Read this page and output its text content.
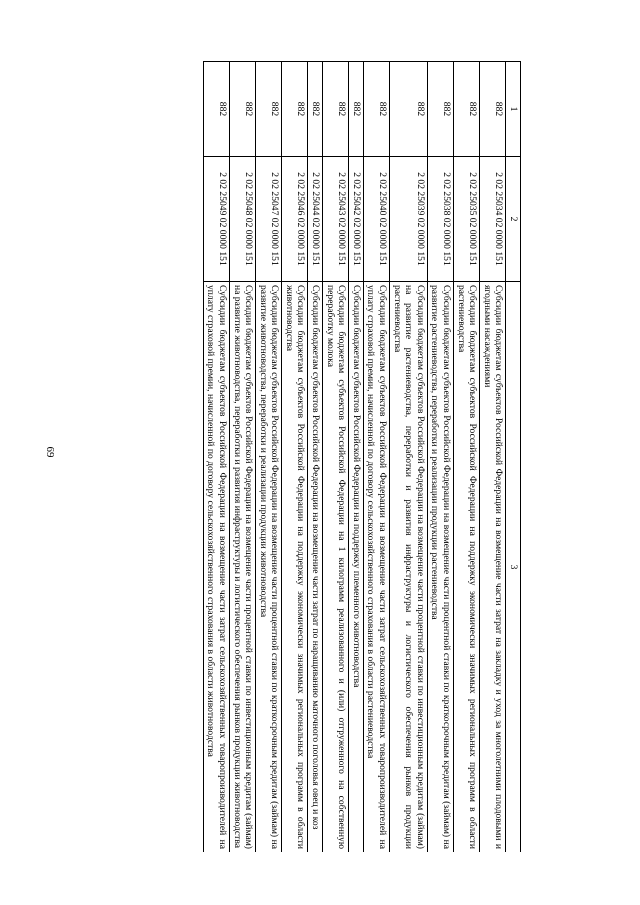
69
1	2	3
882	2 02 25034 02 0000 151	Субсидии бюджетам субъектов Российской Федерации на возмещение части затрат на закладку и уход за многолетними плодовыми и ягодными насаждениями
882	2 02 25035 02 0000 151	Субсидии бюджетам субъектов Российской Федерации на поддержку экономически значимых региональных программ в области растениеводства
882	2 02 25038 02 0000 151	Субсидии бюджетам субъектов Российской Федерации на возмещение части процентной ставки по краткосрочным кредитам (займам) на развитие растениеводства, переработки и реализации продукции растениеводства
882	2 02 25039 02 0000 151	Субсидии бюджетам субъектов Российской Федерации на возмещение части процентной ставки по инвестиционным кредитам (займам) на развитие растениеводства, переработки и развития инфраструктуры и логистического обеспечения рынков продукции растениеводства
882	2 02 25040 02 0000 151	Субсидии бюджетам субъектов Российской Федерации на возмещение части затрат сельскохозяйственных товаропроизводителей на уплату страховой премии, начисленной по договору сельскохозяйственного страхования в области растениеводства
882	2 02 25042 02 0000 151	Субсидии бюджетам субъектов Российской Федерации на поддержку племенного животноводства
882	2 02 25043 02 0000 151	Субсидии бюджетам субъектов Российской Федерации на 1 килограмм реализованного и (или) отгруженного на собственную переработку молока
882	2 02 25044 02 0000 151	Субсидии бюджетам субъектов Российской Федерации на возмещение части затрат по наращиванию маточного поголовья овец и коз
882	2 02 25046 02 0000 151	Субсидии бюджетам субъектов Российской Федерации на поддержку экономически значимых региональных программ в области животноводства
882	2 02 25047 02 0000 151	Субсидии бюджетам субъектов Российской Федерации на возмещение части процентной ставки по краткосрочным кредитам (займам) на развитие животноводства, переработки и реализации продукции животноводства
882	2 02 25048 02 0000 151	Субсидии бюджетам субъектов Российской Федерации на возмещение части процентной ставки по инвестиционным кредитам (займам) на развитие животноводства, переработки и развития инфраструктуры и логистического обеспечения рынков продукции животноводства
882	2 02 25049 02 0000 151	Субсидии бюджетам субъектов Российской Федерации на возмещение части затрат сельскохозяйственных товаропроизводителей на уплату страховой премии, начисленной по договору сельскохозяйственного страхования в области животноводства
